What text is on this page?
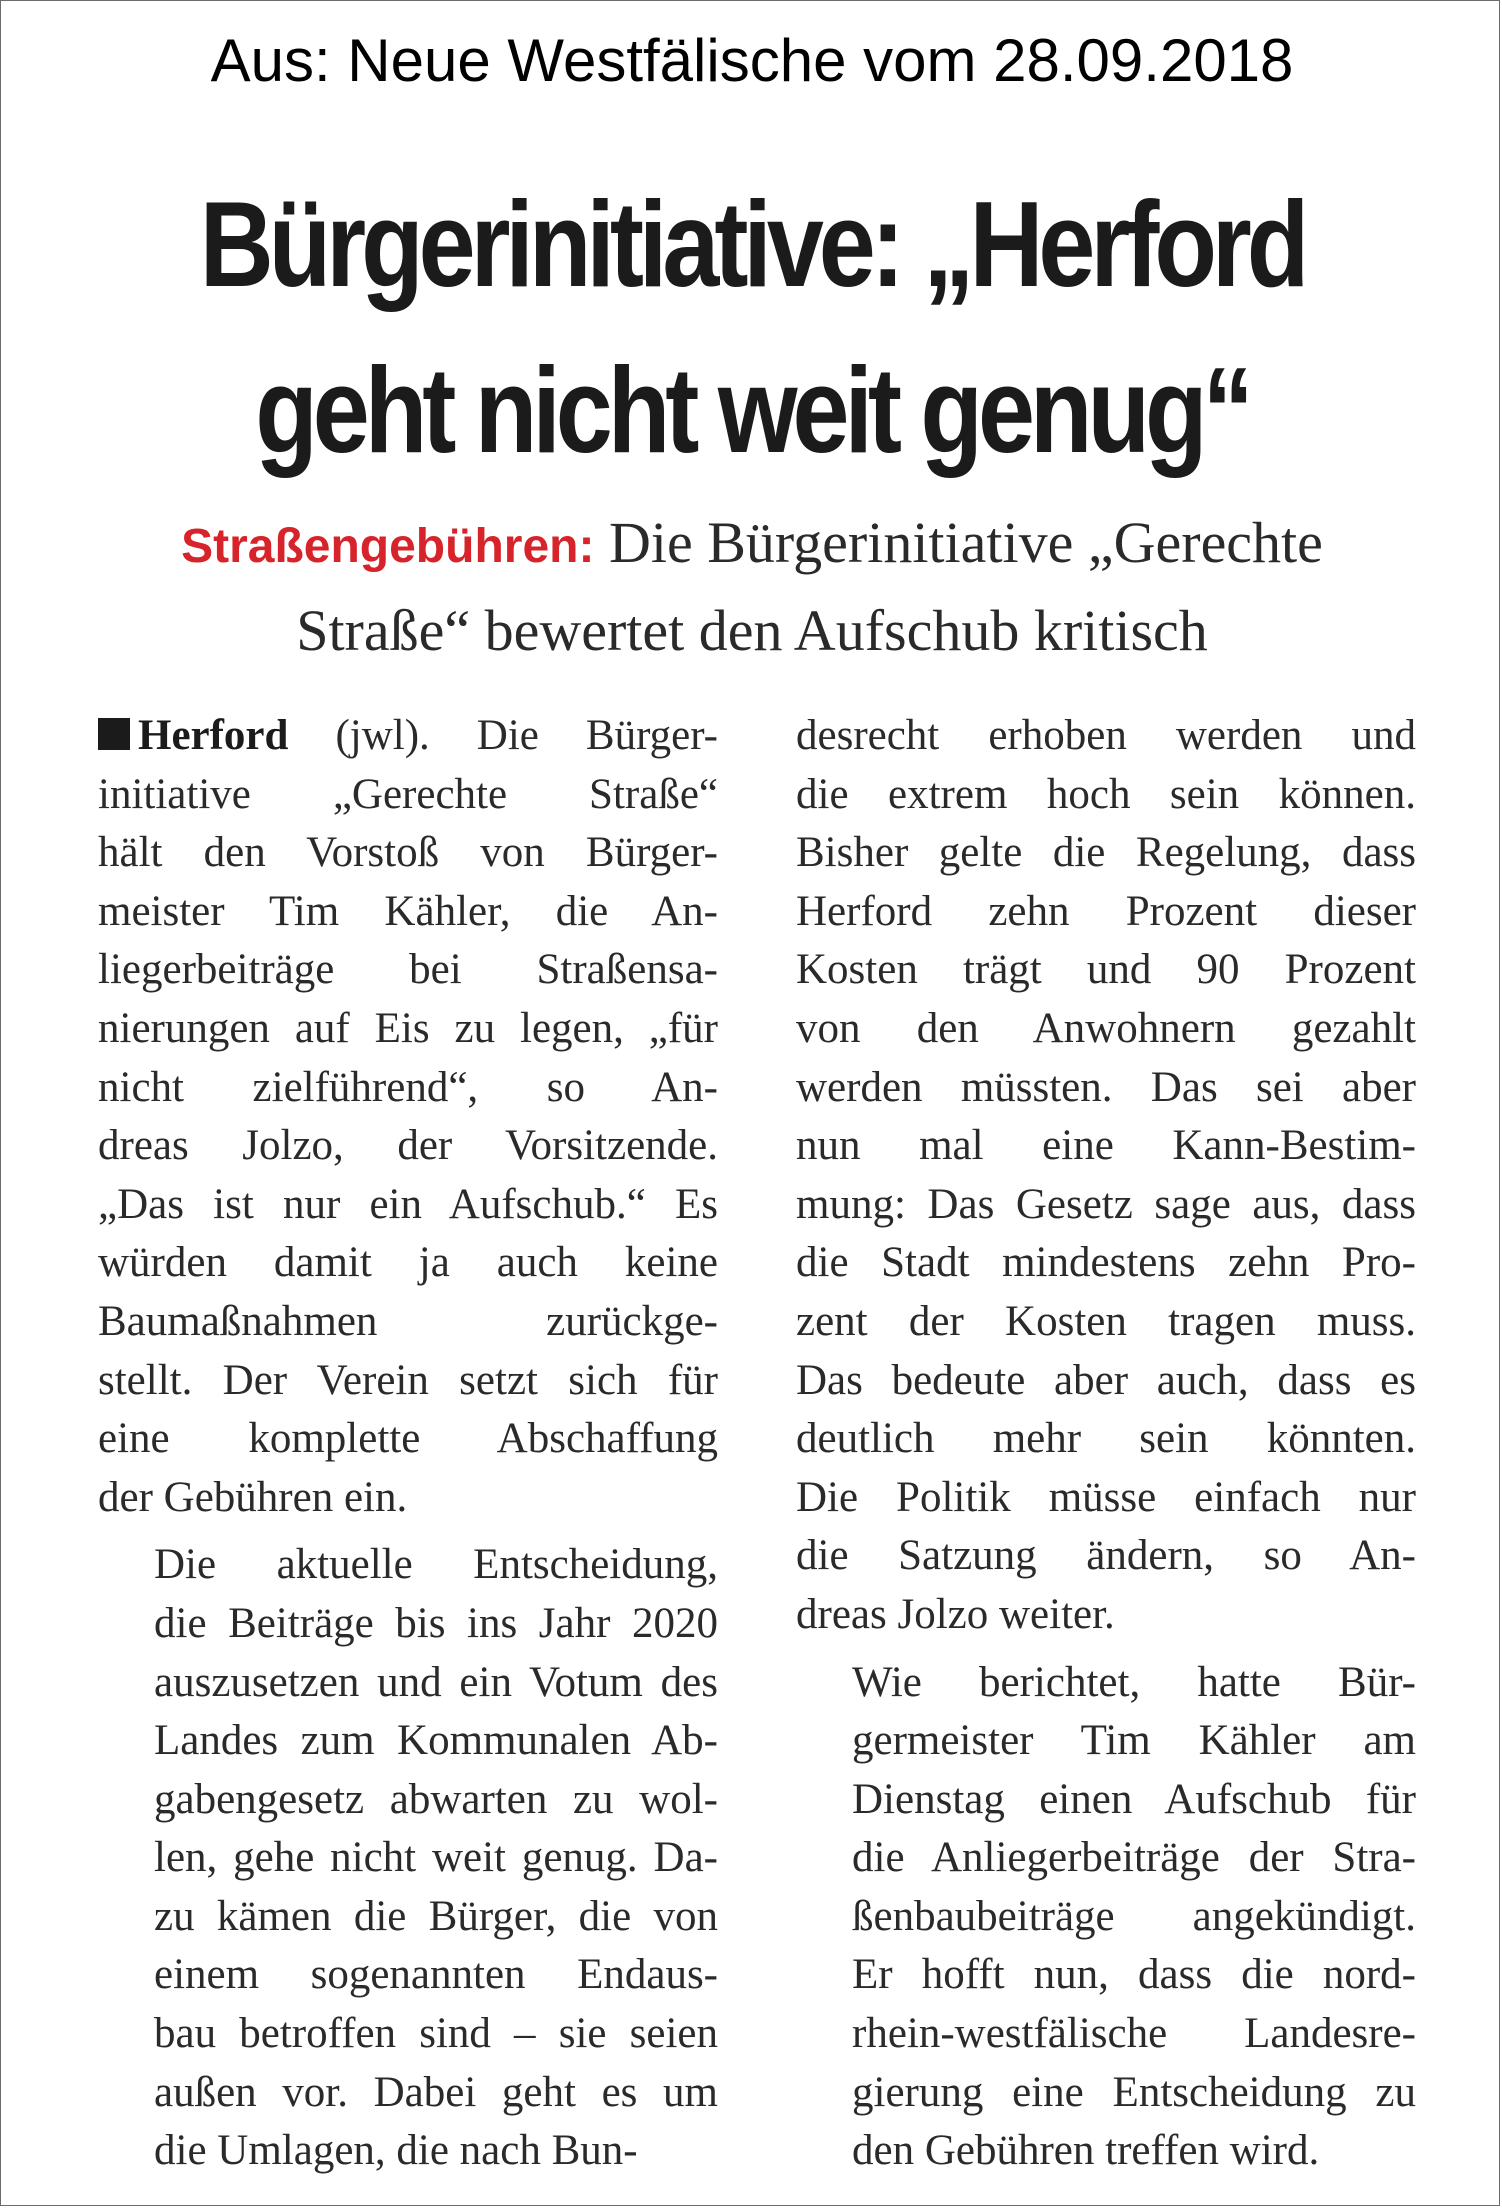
Aus: Neue Westfälische vom 28.09.2018
Bürgerinitiative: „Herford
geht nicht weit genug“
Straßengebühren: Die Bürgerinitiative „Gerechte
Straße“ bewertet den Aufschub kritisch

Herford (jwl). Die Bürger-
initiative „Gerechte Straße“
hält den Vorstoß von Bürger-
meister Tim Kähler, die An-
liegerbeiträge bei Straßensa-
nierungen auf Eis zu legen, „für
nicht zielführend“, so An-
dreas Jolzo, der Vorsitzende.
„Das ist nur ein Aufschub.“ Es
würden damit ja auch keine
Baumaßnahmen zurückge-
stellt. Der Verein setzt sich für
eine komplette Abschaffung
der Gebühren ein.

Die aktuelle Entscheidung,
die Beiträge bis ins Jahr 2020
auszusetzen und ein Votum des
Landes zum Kommunalen Ab-
gabengesetz abwarten zu wol-
len, gehe nicht weit genug. Da-
zu kämen die Bürger, die von
einem sogenannten Endaus-
bau betroffen sind – sie seien
außen vor. Dabei geht es um
die Umlagen, die nach Bun-

desrecht erhoben werden und
die extrem hoch sein können.
Bisher gelte die Regelung, dass
Herford zehn Prozent dieser
Kosten trägt und 90 Prozent
von den Anwohnern gezahlt
werden müssten. Das sei aber
nun mal eine Kann-Bestim-
mung: Das Gesetz sage aus, dass
die Stadt mindestens zehn Pro-
zent der Kosten tragen muss.
Das bedeute aber auch, dass es
deutlich mehr sein könnten.
Die Politik müsse einfach nur
die Satzung ändern, so An-
dreas Jolzo weiter.

Wie berichtet, hatte Bür-
germeister Tim Kähler am
Dienstag einen Aufschub für
die Anliegerbeiträge der Stra-
ßenbaubeiträge angekündigt.
Er hofft nun, dass die nord-
rhein-westfälische Landesre-
gierung eine Entscheidung zu
den Gebühren treffen wird.
